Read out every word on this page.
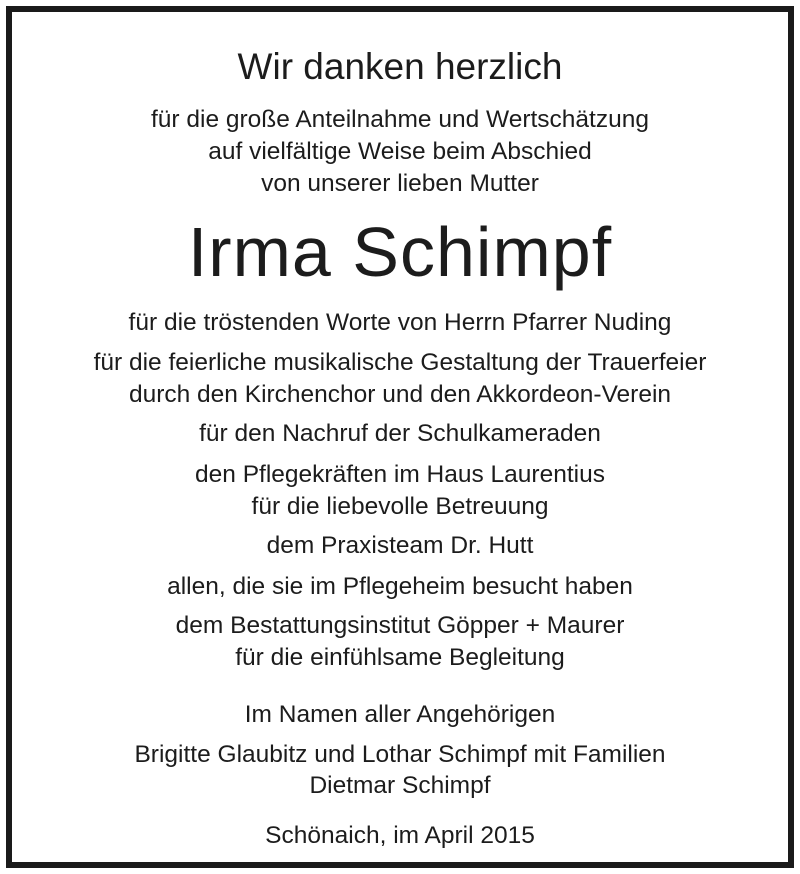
Wir danken herzlich
für die große Anteilnahme und Wertschätzung
auf vielfältige Weise beim Abschied
von unserer lieben Mutter
Irma Schimpf
für die tröstenden Worte von Herrn Pfarrer Nuding
für die feierliche musikalische Gestaltung der Trauerfeier
durch den Kirchenchor und den Akkordeon-Verein
für den Nachruf der Schulkameraden
den Pflegekräften im Haus Laurentius
für die liebevolle Betreuung
dem Praxisteam Dr. Hutt
allen, die sie im Pflegeheim besucht haben
dem Bestattungsinstitut Göpper + Maurer
für die einfühlsame Begleitung
Im Namen aller Angehörigen
Brigitte Glaubitz und Lothar Schimpf mit Familien
Dietmar Schimpf
Schönaich, im April 2015
